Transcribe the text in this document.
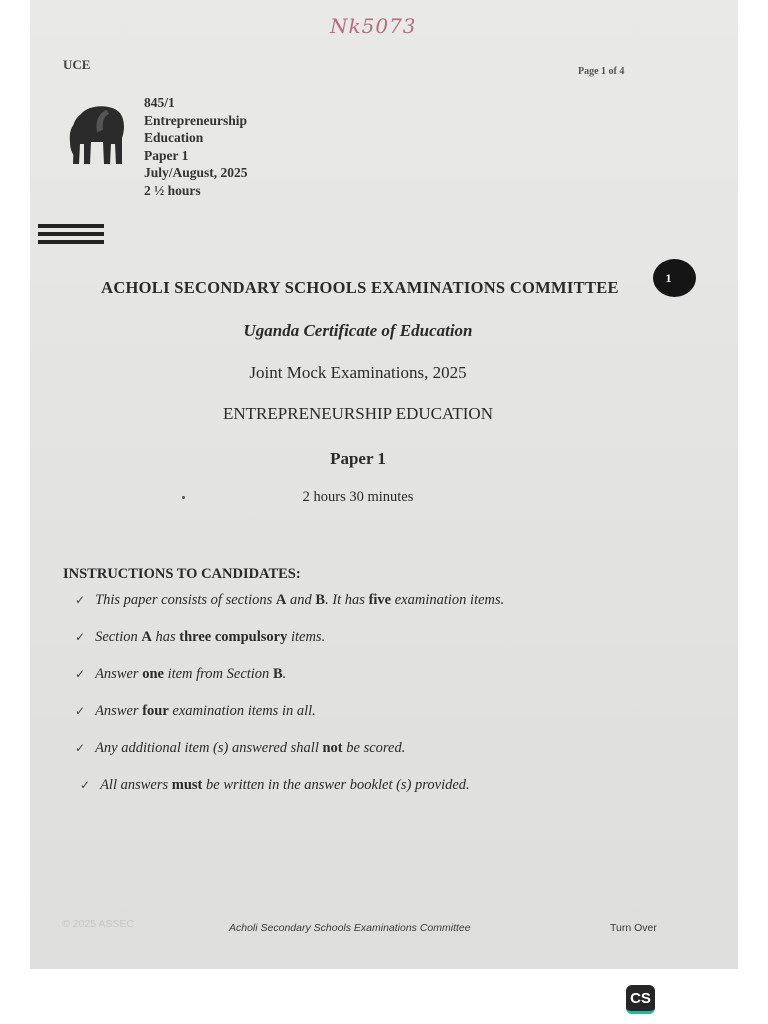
Nk5073
UCE	Page 1 of 4
845/1
Entrepreneurship
Education
Paper 1
July/August, 2025
2 ½ hours
1
ACHOLI SECONDARY SCHOOLS EXAMINATIONS COMMITTEE
Uganda Certificate of Education
Joint Mock Examinations, 2025
ENTREPRENEURSHIP EDUCATION
Paper 1
2 hours 30 minutes
INSTRUCTIONS TO CANDIDATES:
✓ This paper consists of sections A and B. It has five examination items.
✓ Section A has three compulsory items.
✓ Answer one item from Section B.
✓ Answer four examination items in all.
✓ Any additional item (s) answered shall not be scored.
✓ All answers must be written in the answer booklet (s) provided.
© 2025 ASSEC	Acholi Secondary Schools Examinations Committee	Turn Over
CS
